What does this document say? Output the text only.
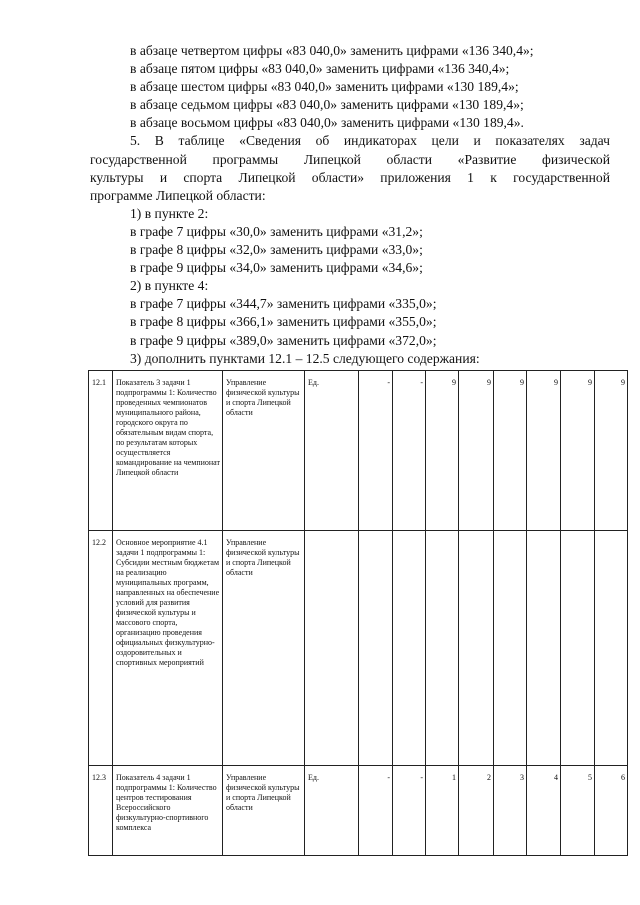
в абзаце четвертом цифры «83 040,0» заменить цифрами «136 340,4»;

в абзаце пятом цифры «83 040,0» заменить цифрами «136 340,4»;

в абзаце шестом цифры «83 040,0» заменить цифрами «130 189,4»;

в абзаце седьмом цифры «83 040,0» заменить цифрами «130 189,4»;

в абзаце восьмом цифры «83 040,0» заменить цифрами «130 189,4».

5. В таблице «Сведения об индикаторах цели и показателях задач
государственной программы Липецкой области «Развитие физической
культуры и спорта Липецкой области» приложения 1 к государственной
программе Липецкой области:

1) в пункте 2:

в графе 7 цифры «30,0» заменить цифрами «31,2»;

в графе 8 цифры «32,0» заменить цифрами «33,0»;

в графе 9 цифры «34,0» заменить цифрами «34,6»;

2) в пункте 4:

в графе 7 цифры «344,7» заменить цифрами «335,0»;

в графе 8 цифры «366,1» заменить цифрами «355,0»;

в графе 9 цифры «389,0» заменить цифрами «372,0»;

3) дополнить пунктами 12.1 – 12.5 следующего содержания:

12.1	Показатель 3 задачи 1 подпрограммы 1: Количество проведенных чемпионатов муниципального района, городского округа по обязательным видам спорта, по результатам которых осуществляется командирование на чемпионат Липецкой области	Управление физической культуры и спорта Липецкой области	Ед.	-	-	9	9	9	9	9	9
12.2	Основное мероприятие 4.1 задачи 1 подпрограммы 1: Субсидии местным бюджетам на реализацию муниципальных программ, направленных на обеспечение условий для развития физической культуры и массового спорта, организацию проведения официальных физкультурно-оздоровительных и спортивных мероприятий	Управление физической культуры и спорта Липецкой области									
12.3	Показатель 4 задачи 1 подпрограммы 1: Количество центров тестирования Всероссийского физкультурно-спортивного комплекса	Управление физической культуры и спорта Липецкой области	Ед.	-	-	1	2	3	4	5	6
